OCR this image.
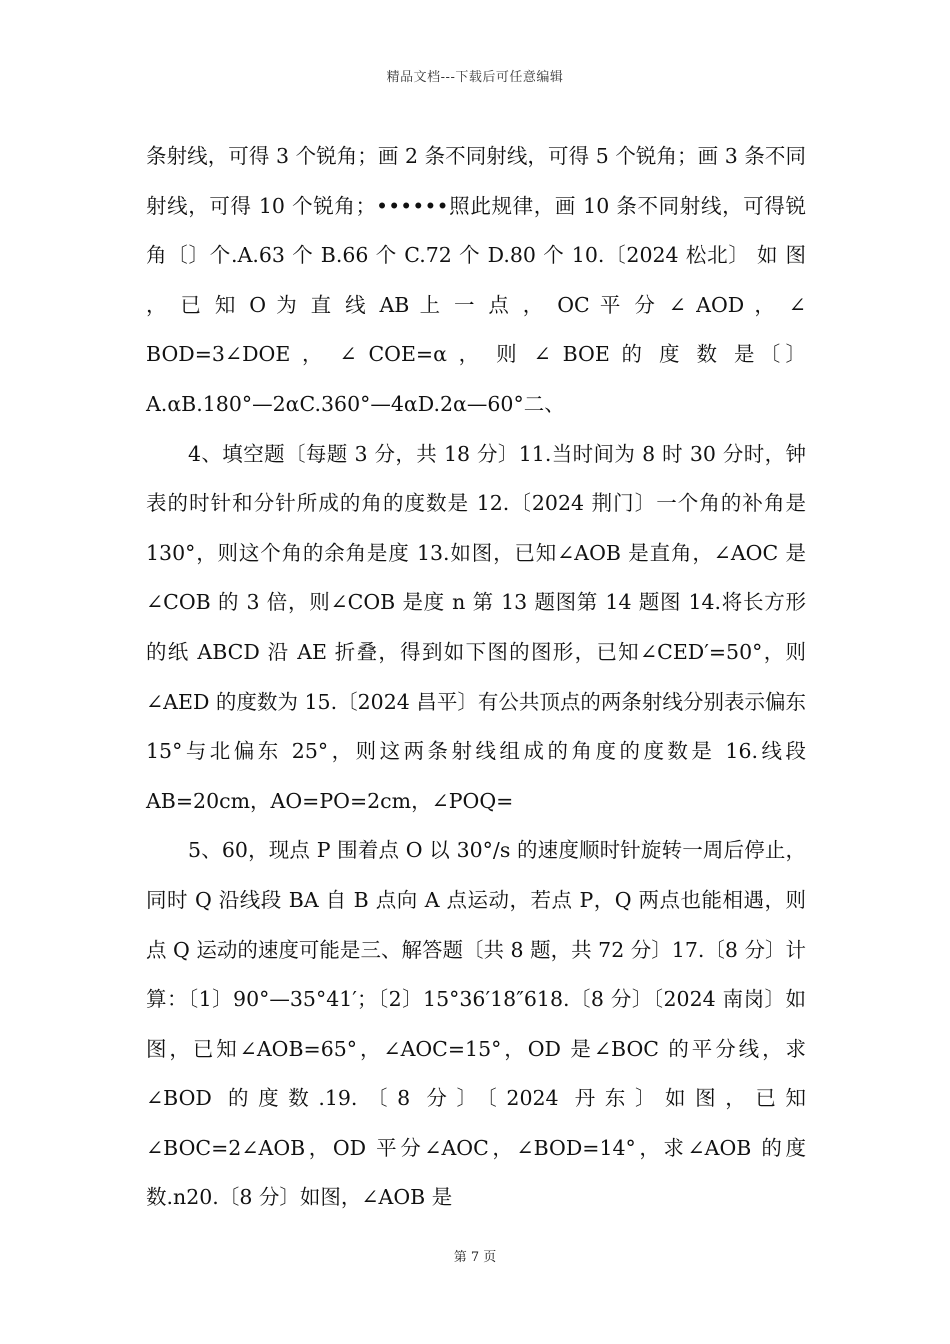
精品文档---下载后可任意编辑

条射线，可得 3 个锐角；画 2 条不同射线，可得 5 个锐角；画 3 条不同射线，可得 10 个锐角；••••••照此规律，画 10 条不同射线，可得锐角〔〕个.A.63 个 B.66 个 C.72 个 D.80 个 10.〔2024 松北〕 如 图 ， 已 知 O 为 直 线 AB 上 一 点 ， OC 平 分 ∠ AOD ， ∠ BOD=3∠DOE ， ∠ COE=α ， 则 ∠ BOE 的 度 数 是〔〕A.αB.180°—2αC.360°—4αD.2α—60°二、

4、填空题〔每题 3 分，共 18 分〕11.当时间为 8 时 30 分时，钟表的时针和分针所成的角的度数是 12.〔2024 荆门〕一个角的补角是 130°，则这个角的余角是度 13.如图，已知∠AOB 是直角，∠AOC 是∠COB 的 3 倍，则∠COB 是度 n 第 13 题图第 14 题图 14.将长方形的纸 ABCD 沿 AE 折叠，得到如下图的图形，已知∠CED′=50°，则∠AED 的度数为 15.〔2024 昌平〕有公共顶点的两条射线分别表示偏东 15°与北偏东 25°，则这两条射线组成的角度的度数是 16.线段 AB=20cm，AO=PO=2cm，∠POQ=

5、60，现点 P 围着点 O 以 30°/s 的速度顺时针旋转一周后停止，同时 Q 沿线段 BA 自 B 点向 A 点运动，若点 P，Q 两点也能相遇，则点 Q 运动的速度可能是三、解答题〔共 8 题，共 72 分〕17.〔8 分〕计算：〔1〕90°—35°41′；〔2〕15°36′18″618.〔8 分〕〔2024 南岗〕如图，已知∠AOB=65°，∠AOC=15°，OD 是∠BOC 的平分线，求∠BOD 的度数.19.〔8 分〕〔2024 丹东〕如图，已知∠BOC=2∠AOB，OD 平分∠AOC，∠BOD=14°，求∠AOB 的度数.n20.〔8 分〕如图，∠AOB 是

第 7 页
